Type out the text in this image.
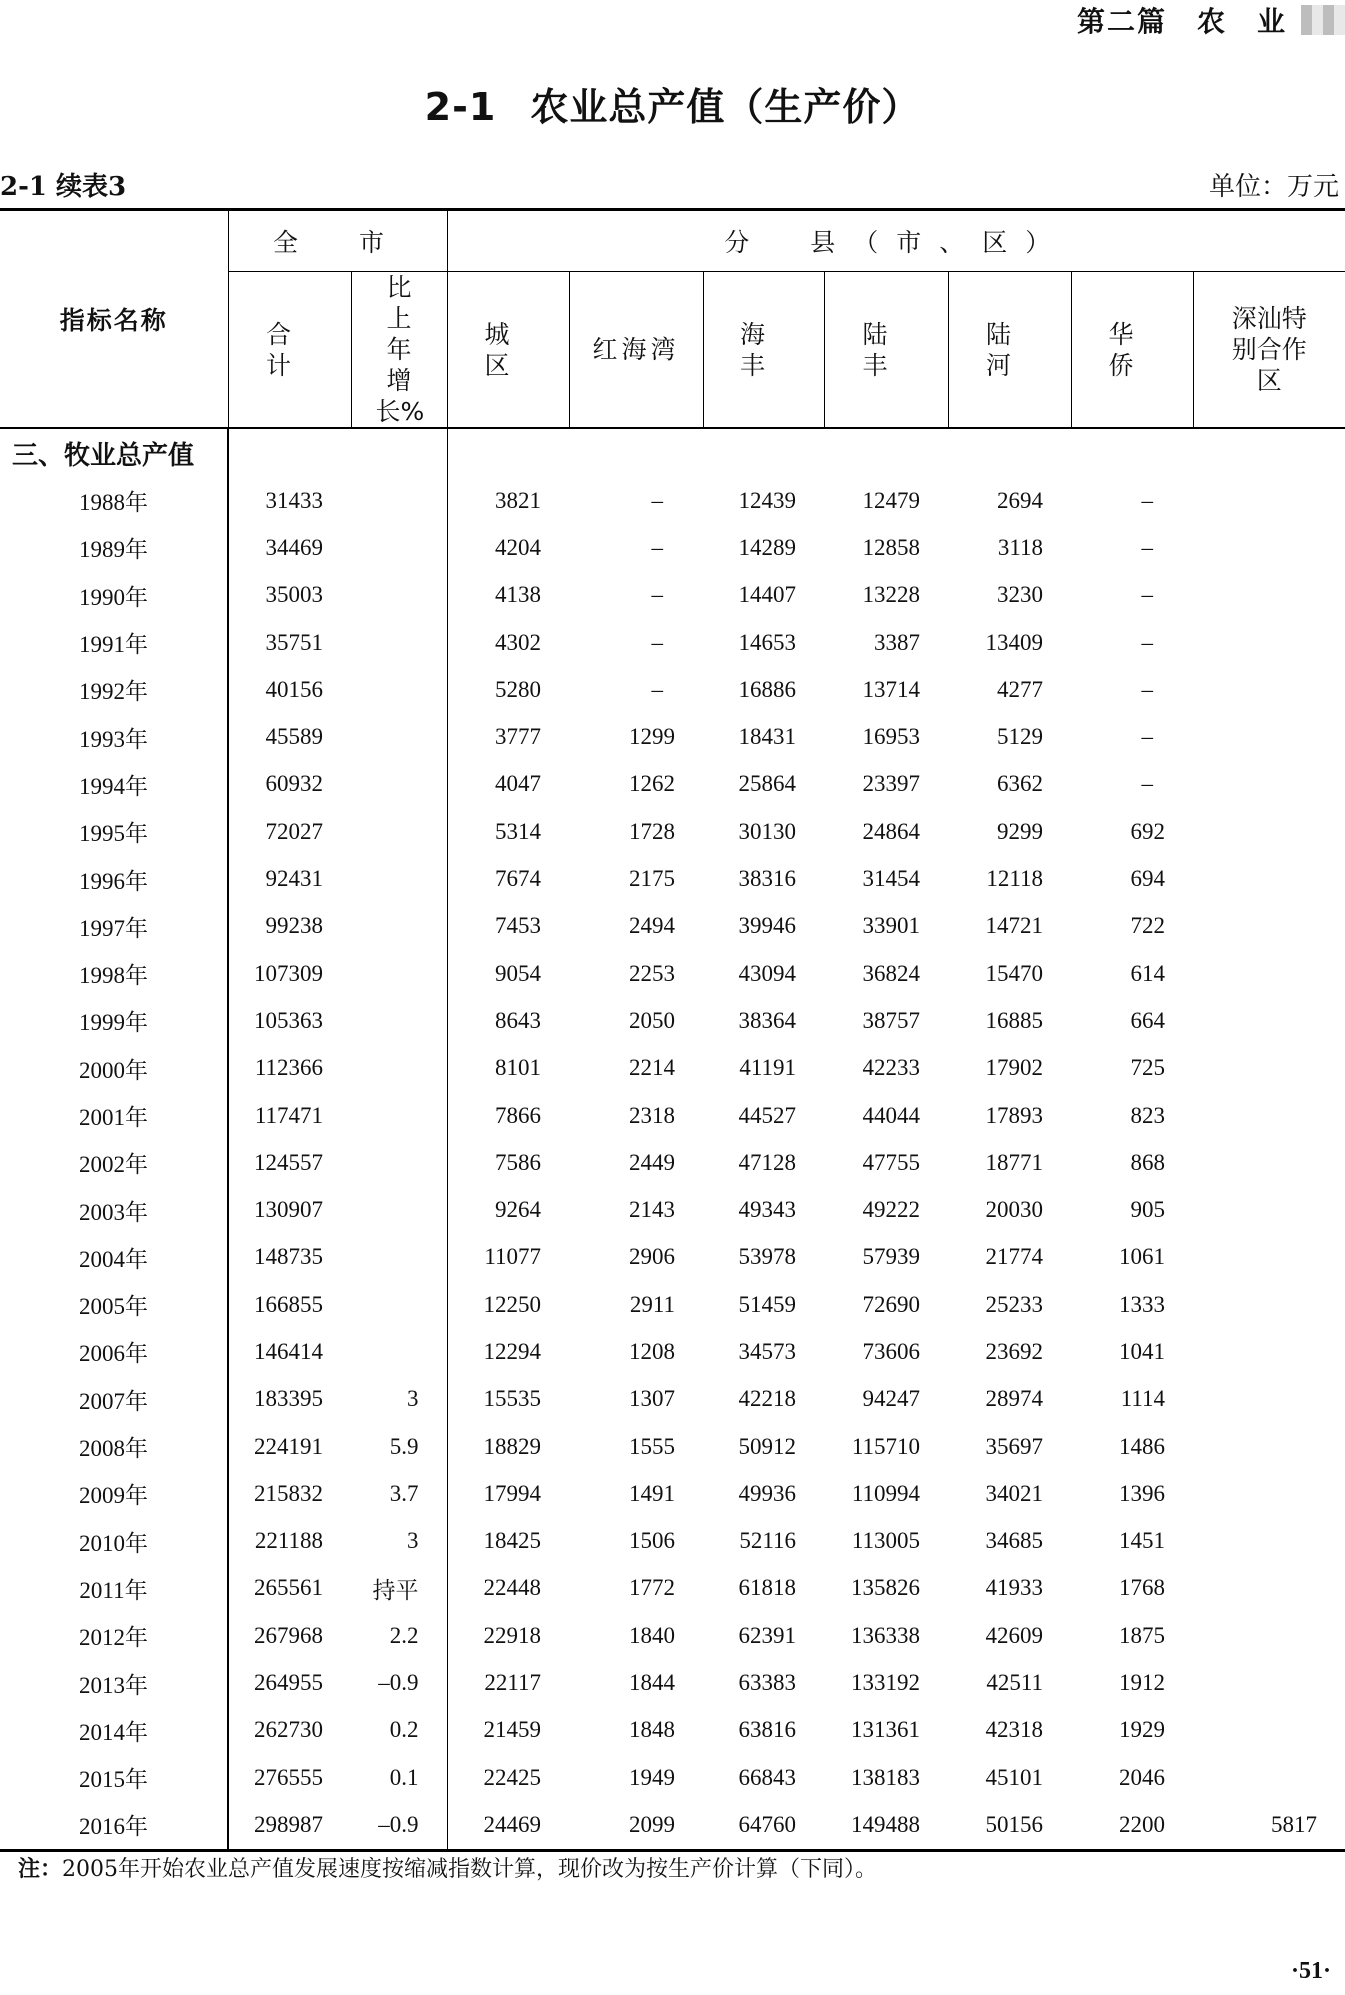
第二篇　农　业
2-1 农业总产值（生产价）
2-1 续表3	单位：万元
指标名称	全　市		分　县（市、区）						
	合　计	比上年增长%	城　区	红海湾	海　丰	陆　丰	陆　河	华　侨	深汕特别合作区
三、牧业总产值									
1988年	31433		3821	–	12439	12479	2694	–	
1989年	34469		4204	–	14289	12858	3118	–	
1990年	35003		4138	–	14407	13228	3230	–	
1991年	35751		4302	–	14653	3387	13409	–	
1992年	40156		5280	–	16886	13714	4277	–	
1993年	45589		3777	1299	18431	16953	5129	–	
1994年	60932		4047	1262	25864	23397	6362	–	
1995年	72027		5314	1728	30130	24864	9299	692	
1996年	92431		7674	2175	38316	31454	12118	694	
1997年	99238		7453	2494	39946	33901	14721	722	
1998年	107309		9054	2253	43094	36824	15470	614	
1999年	105363		8643	2050	38364	38757	16885	664	
2000年	112366		8101	2214	41191	42233	17902	725	
2001年	117471		7866	2318	44527	44044	17893	823	
2002年	124557		7586	2449	47128	47755	18771	868	
2003年	130907		9264	2143	49343	49222	20030	905	
2004年	148735		11077	2906	53978	57939	21774	1061	
2005年	166855		12250	2911	51459	72690	25233	1333	
2006年	146414		12294	1208	34573	73606	23692	1041	
2007年	183395	3	15535	1307	42218	94247	28974	1114	
2008年	224191	5.9	18829	1555	50912	115710	35697	1486	
2009年	215832	3.7	17994	1491	49936	110994	34021	1396	
2010年	221188	3	18425	1506	52116	113005	34685	1451	
2011年	265561	持平	22448	1772	61818	135826	41933	1768	
2012年	267968	2.2	22918	1840	62391	136338	42609	1875	
2013年	264955	–0.9	22117	1844	63383	133192	42511	1912	
2014年	262730	0.2	21459	1848	63816	131361	42318	1929	
2015年	276555	0.1	22425	1949	66843	138183	45101	2046	
2016年	298987	–0.9	24469	2099	64760	149488	50156	2200	5817
注：2005年开始农业总产值发展速度按缩减指数计算，现价改为按生产价计算（下同）。
·51·
